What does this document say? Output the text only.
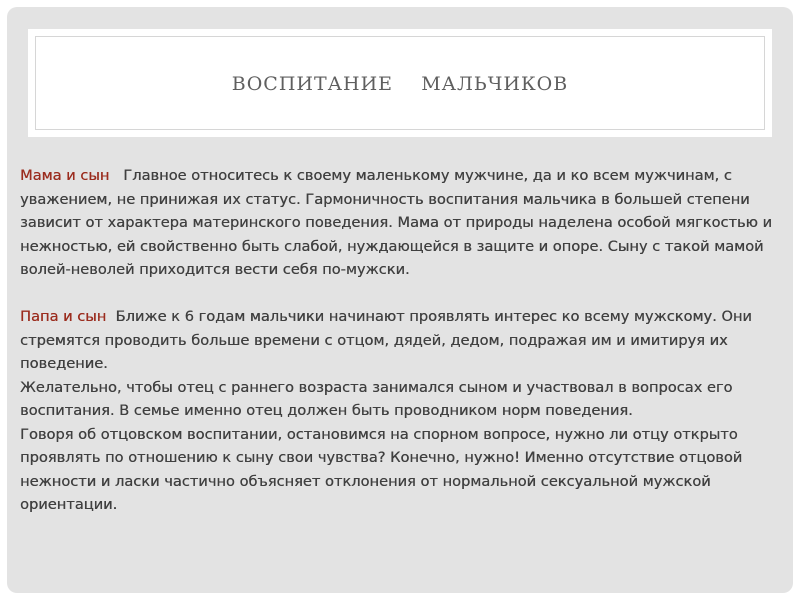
ВОСПИТАНИЕ    МАЛЬЧИКОВ

Мама и сын   Главное относитесь к своему маленькому мужчине, да и ко всем мужчинам, с уважением, не принижая их статус. Гармоничность воспитания мальчика в большей степени зависит от характера материнского поведения. Мама от природы наделена особой мягкостью и нежностью, ей свойственно быть слабой, нуждающейся в защите и опоре. Сыну с такой мамой волей-неволей приходится вести себя по-мужски.

Папа и сын  Ближе к 6 годам мальчики начинают проявлять интерес ко всему мужскому. Они стремятся проводить больше времени с отцом, дядей, дедом, подражая им и имитируя их поведение.

Желательно, чтобы отец с раннего возраста занимался сыном и участвовал в вопросах его воспитания. В семье именно отец должен быть проводником норм поведения.

Говоря об отцовском воспитании, остановимся на спорном вопросе, нужно ли отцу открыто проявлять по отношению к сыну свои чувства? Конечно, нужно! Именно отсутствие отцовой нежности и ласки частично объясняет отклонения от нормальной сексуальной мужской ориентации.
